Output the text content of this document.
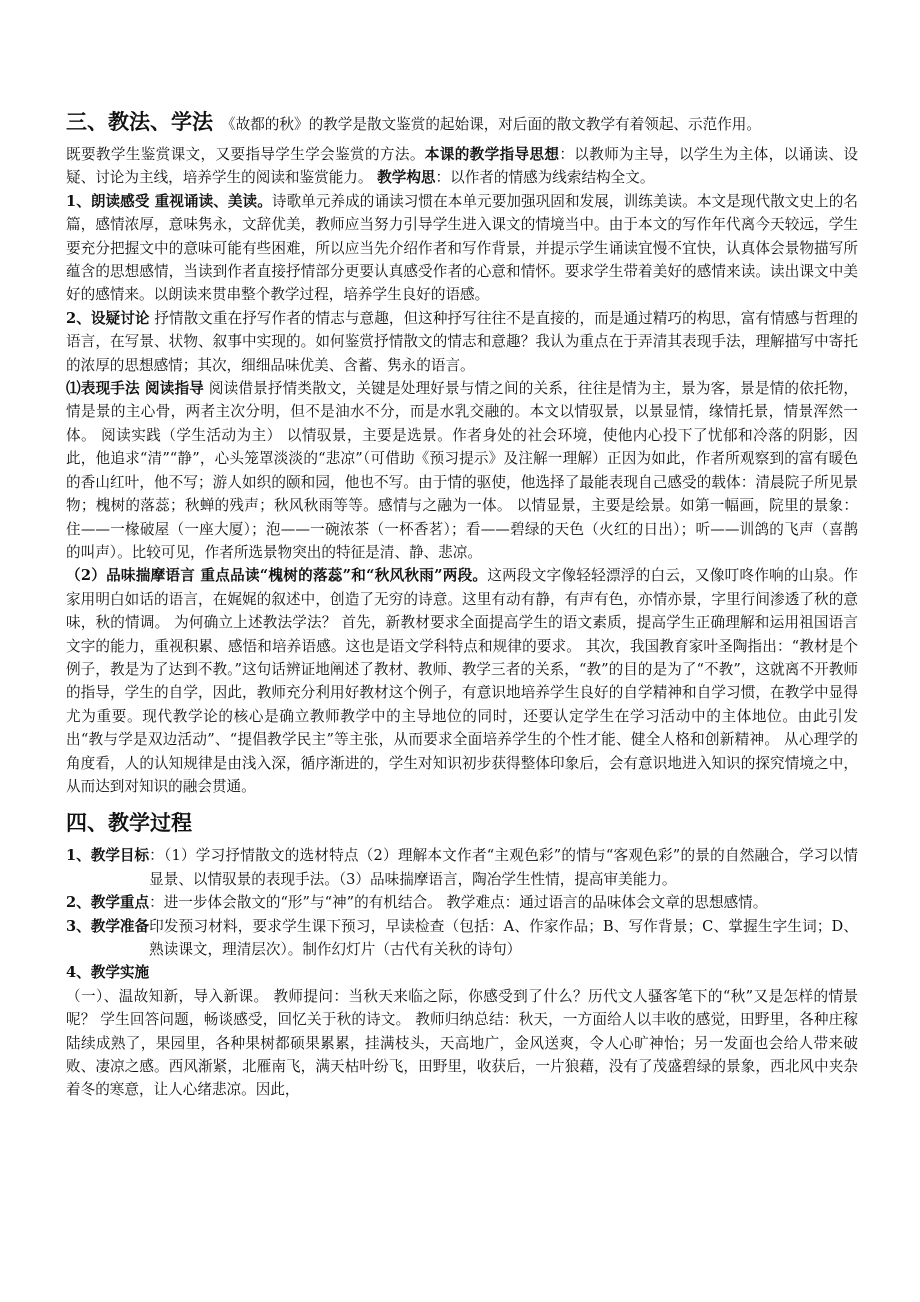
三、教法、学法 《故都的秋》的教学是散文鉴赏的起始课，对后面的散文教学有着领起、示范作用。

既要教学生鉴赏课文，又要指导学生学会鉴赏的方法。本课的教学指导思想：以教师为主导，以学生为主体，以诵读、设疑、讨论为主线，培养学生的阅读和鉴赏能力。 教学构思：以作者的情感为线索结构全文。

1、朗读感受 重视诵读、美读。诗歌单元养成的诵读习惯在本单元要加强巩固和发展，训练美读。本文是现代散文史上的名篇，感情浓厚，意味隽永，文辞优美，教师应当努力引导学生进入课文的情境当中。由于本文的写作年代离今天较远，学生要充分把握文中的意味可能有些困难，所以应当先介绍作者和写作背景，并提示学生诵读宜慢不宜快，认真体会景物描写所蕴含的思想感情，当读到作者直接抒情部分更要认真感受作者的心意和情怀。要求学生带着美好的感情来读。读出课文中美好的感情来。以朗读来贯串整个教学过程，培养学生良好的语感。

2、设疑讨论 抒情散文重在抒写作者的情志与意趣，但这种抒写往往不是直接的，而是通过精巧的构思，富有情感与哲理的语言，在写景、状物、叙事中实现的。如何鉴赏抒情散文的情志和意趣？我认为重点在于弄清其表现手法，理解描写中寄托的浓厚的思想感情；其次，细细品味优美、含蓄、隽永的语言。

⑴表现手法 阅读指导 阅读借景抒情类散文，关键是处理好景与情之间的关系，往往是情为主，景为客，景是情的依托物，情是景的主心骨，两者主次分明，但不是油水不分，而是水乳交融的。本文以情驭景，以景显情，缘情托景，情景浑然一体。 阅读实践（学生活动为主） 以情驭景，主要是选景。作者身处的社会环境，使他内心投下了忧郁和冷落的阴影，因此，他追求“清”“静”，心头笼罩淡淡的“悲凉”（可借助《预习提示》及注解一理解）正因为如此，作者所观察到的富有暖色的香山红叶，他不写；游人如织的颐和园，他也不写。由于情的驱使，他选择了最能表现自己感受的载体：清晨院子所见景物；槐树的落蕊；秋蝉的残声；秋风秋雨等等。感情与之融为一体。 以情显景，主要是绘景。如第一幅画，院里的景象：住——一椽破屋（一座大厦）；泡——一碗浓茶（一杯香茗）；看——碧绿的天色（火红的日出）；听——训鸽的飞声（喜鹊的叫声）。比较可见，作者所选景物突出的特征是清、静、悲凉。

（2）品味揣摩语言 重点品读“槐树的落蕊”和“秋风秋雨”两段。这两段文字像轻轻漂浮的白云，又像叮咚作响的山泉。作家用明白如话的语言，在娓娓的叙述中，创造了无穷的诗意。这里有动有静，有声有色，亦情亦景，字里行间渗透了秋的意味，秋的情调。 为何确立上述教法学法？ 首先，新教材要求全面提高学生的语文素质，提高学生正确理解和运用祖国语言文字的能力，重视积累、感悟和培养语感。这也是语文学科特点和规律的要求。 其次，我国教育家叶圣陶指出：“教材是个例子，教是为了达到不教。”这句话辨证地阐述了教材、教师、教学三者的关系，“教”的目的是为了“不教”，这就离不开教师的指导，学生的自学，因此，教师充分利用好教材这个例子，有意识地培养学生良好的自学精神和自学习惯，在教学中显得尤为重要。现代教学论的核心是确立教师教学中的主导地位的同时，还要认定学生在学习活动中的主体地位。由此引发出“教与学是双边活动”、“提倡教学民主”等主张，从而要求全面培养学生的个性才能、健全人格和创新精神。 从心理学的角度看，人的认知规律是由浅入深，循序渐进的，学生对知识初步获得整体印象后，会有意识地进入知识的探究情境之中，从而达到对知识的融会贯通。

四、教学过程
1、教学目标 ：（1）学习抒情散文的选材特点（2）理解本文作者“主观色彩”的情与“客观色彩”的景的自然融合，学习以情显景、以情驭景的表现手法。（3）品味揣摩语言，陶冶学生性情，提高审美能力。

2、教学重点：进一步体会散文的“形”与“神”的有机结合。 教学难点：通过语言的品味体会文章的思想感情。

3、教学准备 印发预习材料，要求学生课下预习，早读检查（包括：A、作家作品；B、写作背景；C、掌握生字生词；D、熟读课文，理清层次）。制作幻灯片（古代有关秋的诗句）

4、教学实施

（一）、温故知新，导入新课。 教师提问：当秋天来临之际，你感受到了什么？历代文人骚客笔下的“秋”又是怎样的情景呢？ 学生回答问题，畅谈感受，回忆关于秋的诗文。 教师归纳总结：秋天，一方面给人以丰收的感觉，田野里，各种庄稼陆续成熟了，果园里，各种果树都硕果累累，挂满枝头，天高地广，金风送爽，令人心旷神怡；另一发面也会给人带来破败、凄凉之感。西风渐紧，北雁南飞，满天枯叶纷飞，田野里，收获后，一片狼藉，没有了茂盛碧绿的景象，西北风中夹杂着冬的寒意，让人心绪悲凉。因此，
